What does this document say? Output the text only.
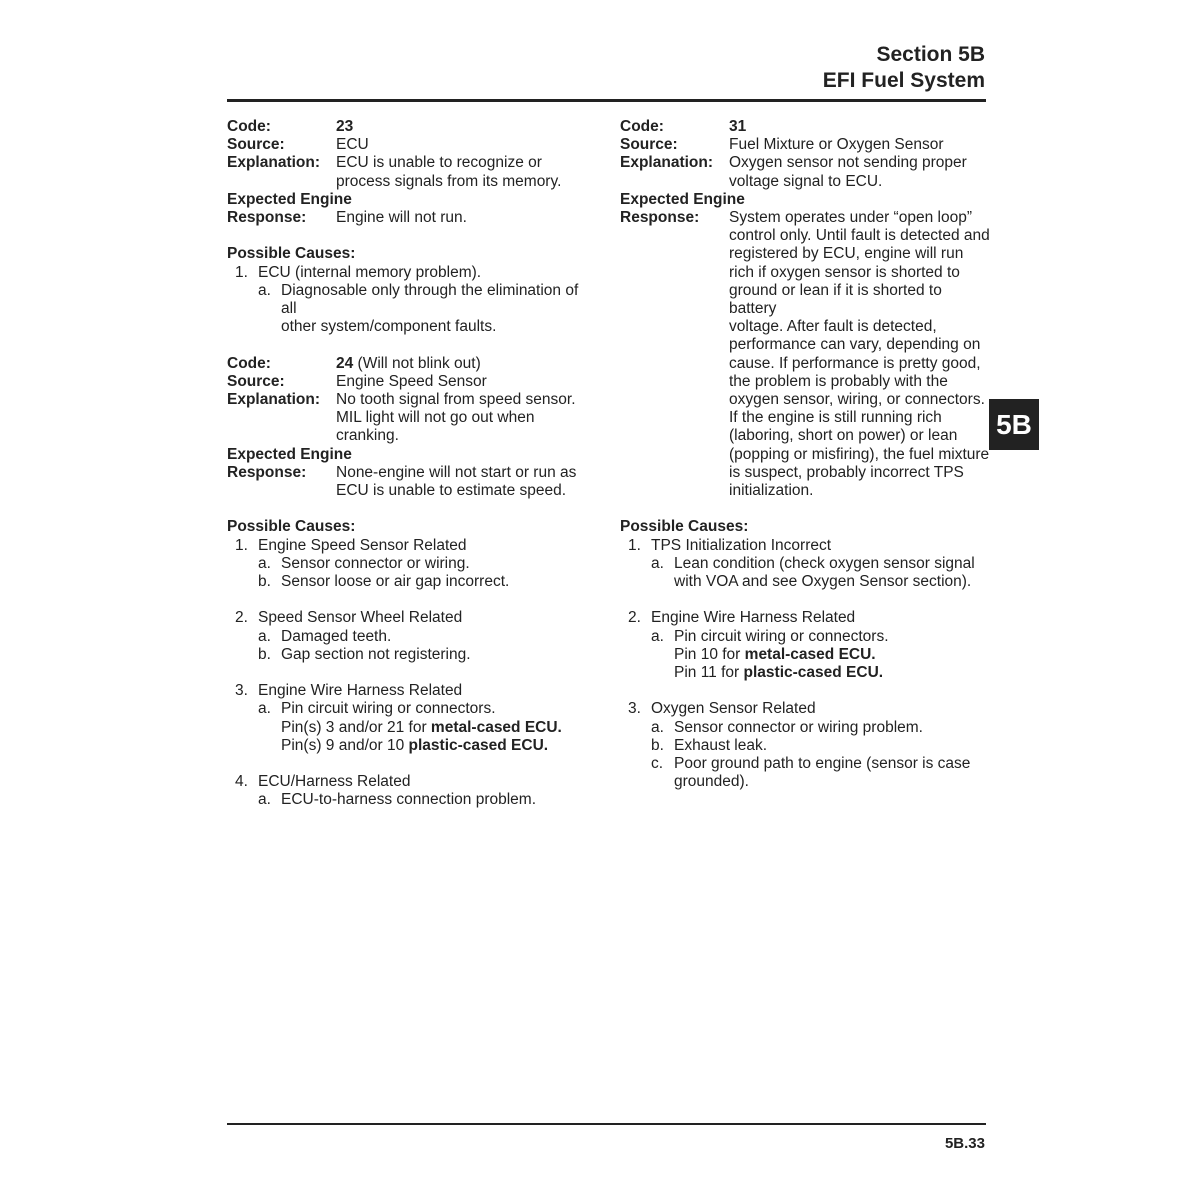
Section 5B
EFI Fuel System
5B
Code:	23
Source:	ECU
Explanation:	ECU is unable to recognize or
process signals from its memory.
Expected Engine
Response:	Engine will not run.
Possible Causes:
1. ECU (internal memory problem).
a. Diagnosable only through the elimination of all
other system/component faults.
Code:	24 (Will not blink out)
Source:	Engine Speed Sensor
Explanation:	No tooth signal from speed sensor.
MIL light will not go out when
cranking.
Expected Engine
Response:	None-engine will not start or run as
ECU is unable to estimate speed.
Possible Causes:
1. Engine Speed Sensor Related
a. Sensor connector or wiring.
b. Sensor loose or air gap incorrect.
2. Speed Sensor Wheel Related
a. Damaged teeth.
b. Gap section not registering.
3. Engine Wire Harness Related
a. Pin circuit wiring or connectors.
Pin(s) 3 and/or 21 for metal-cased ECU.
Pin(s) 9 and/or 10 plastic-cased ECU.
4. ECU/Harness Related
a. ECU-to-harness connection problem.
Code:	31
Source:	Fuel Mixture or Oxygen Sensor
Explanation:	Oxygen sensor not sending proper
voltage signal to ECU.
Expected Engine
Response:	System operates under “open loop”
control only. Until fault is detected and
registered by ECU, engine will run
rich if oxygen sensor is shorted to
ground or lean if it is shorted to battery
voltage. After fault is detected,
performance can vary, depending on
cause. If performance is pretty good,
the problem is probably with the
oxygen sensor, wiring, or connectors.
If the engine is still running rich
(laboring, short on power) or lean
(popping or misfiring), the fuel mixture
is suspect, probably incorrect TPS
initialization.
Possible Causes:
1. TPS Initialization Incorrect
a. Lean condition (check oxygen sensor signal
with VOA and see Oxygen Sensor section).
2. Engine Wire Harness Related
a. Pin circuit wiring or connectors.
Pin 10 for metal-cased ECU.
Pin 11 for plastic-cased ECU.
3. Oxygen Sensor Related
a. Sensor connector or wiring problem.
b. Exhaust leak.
c. Poor ground path to engine (sensor is case
grounded).
5B.33
